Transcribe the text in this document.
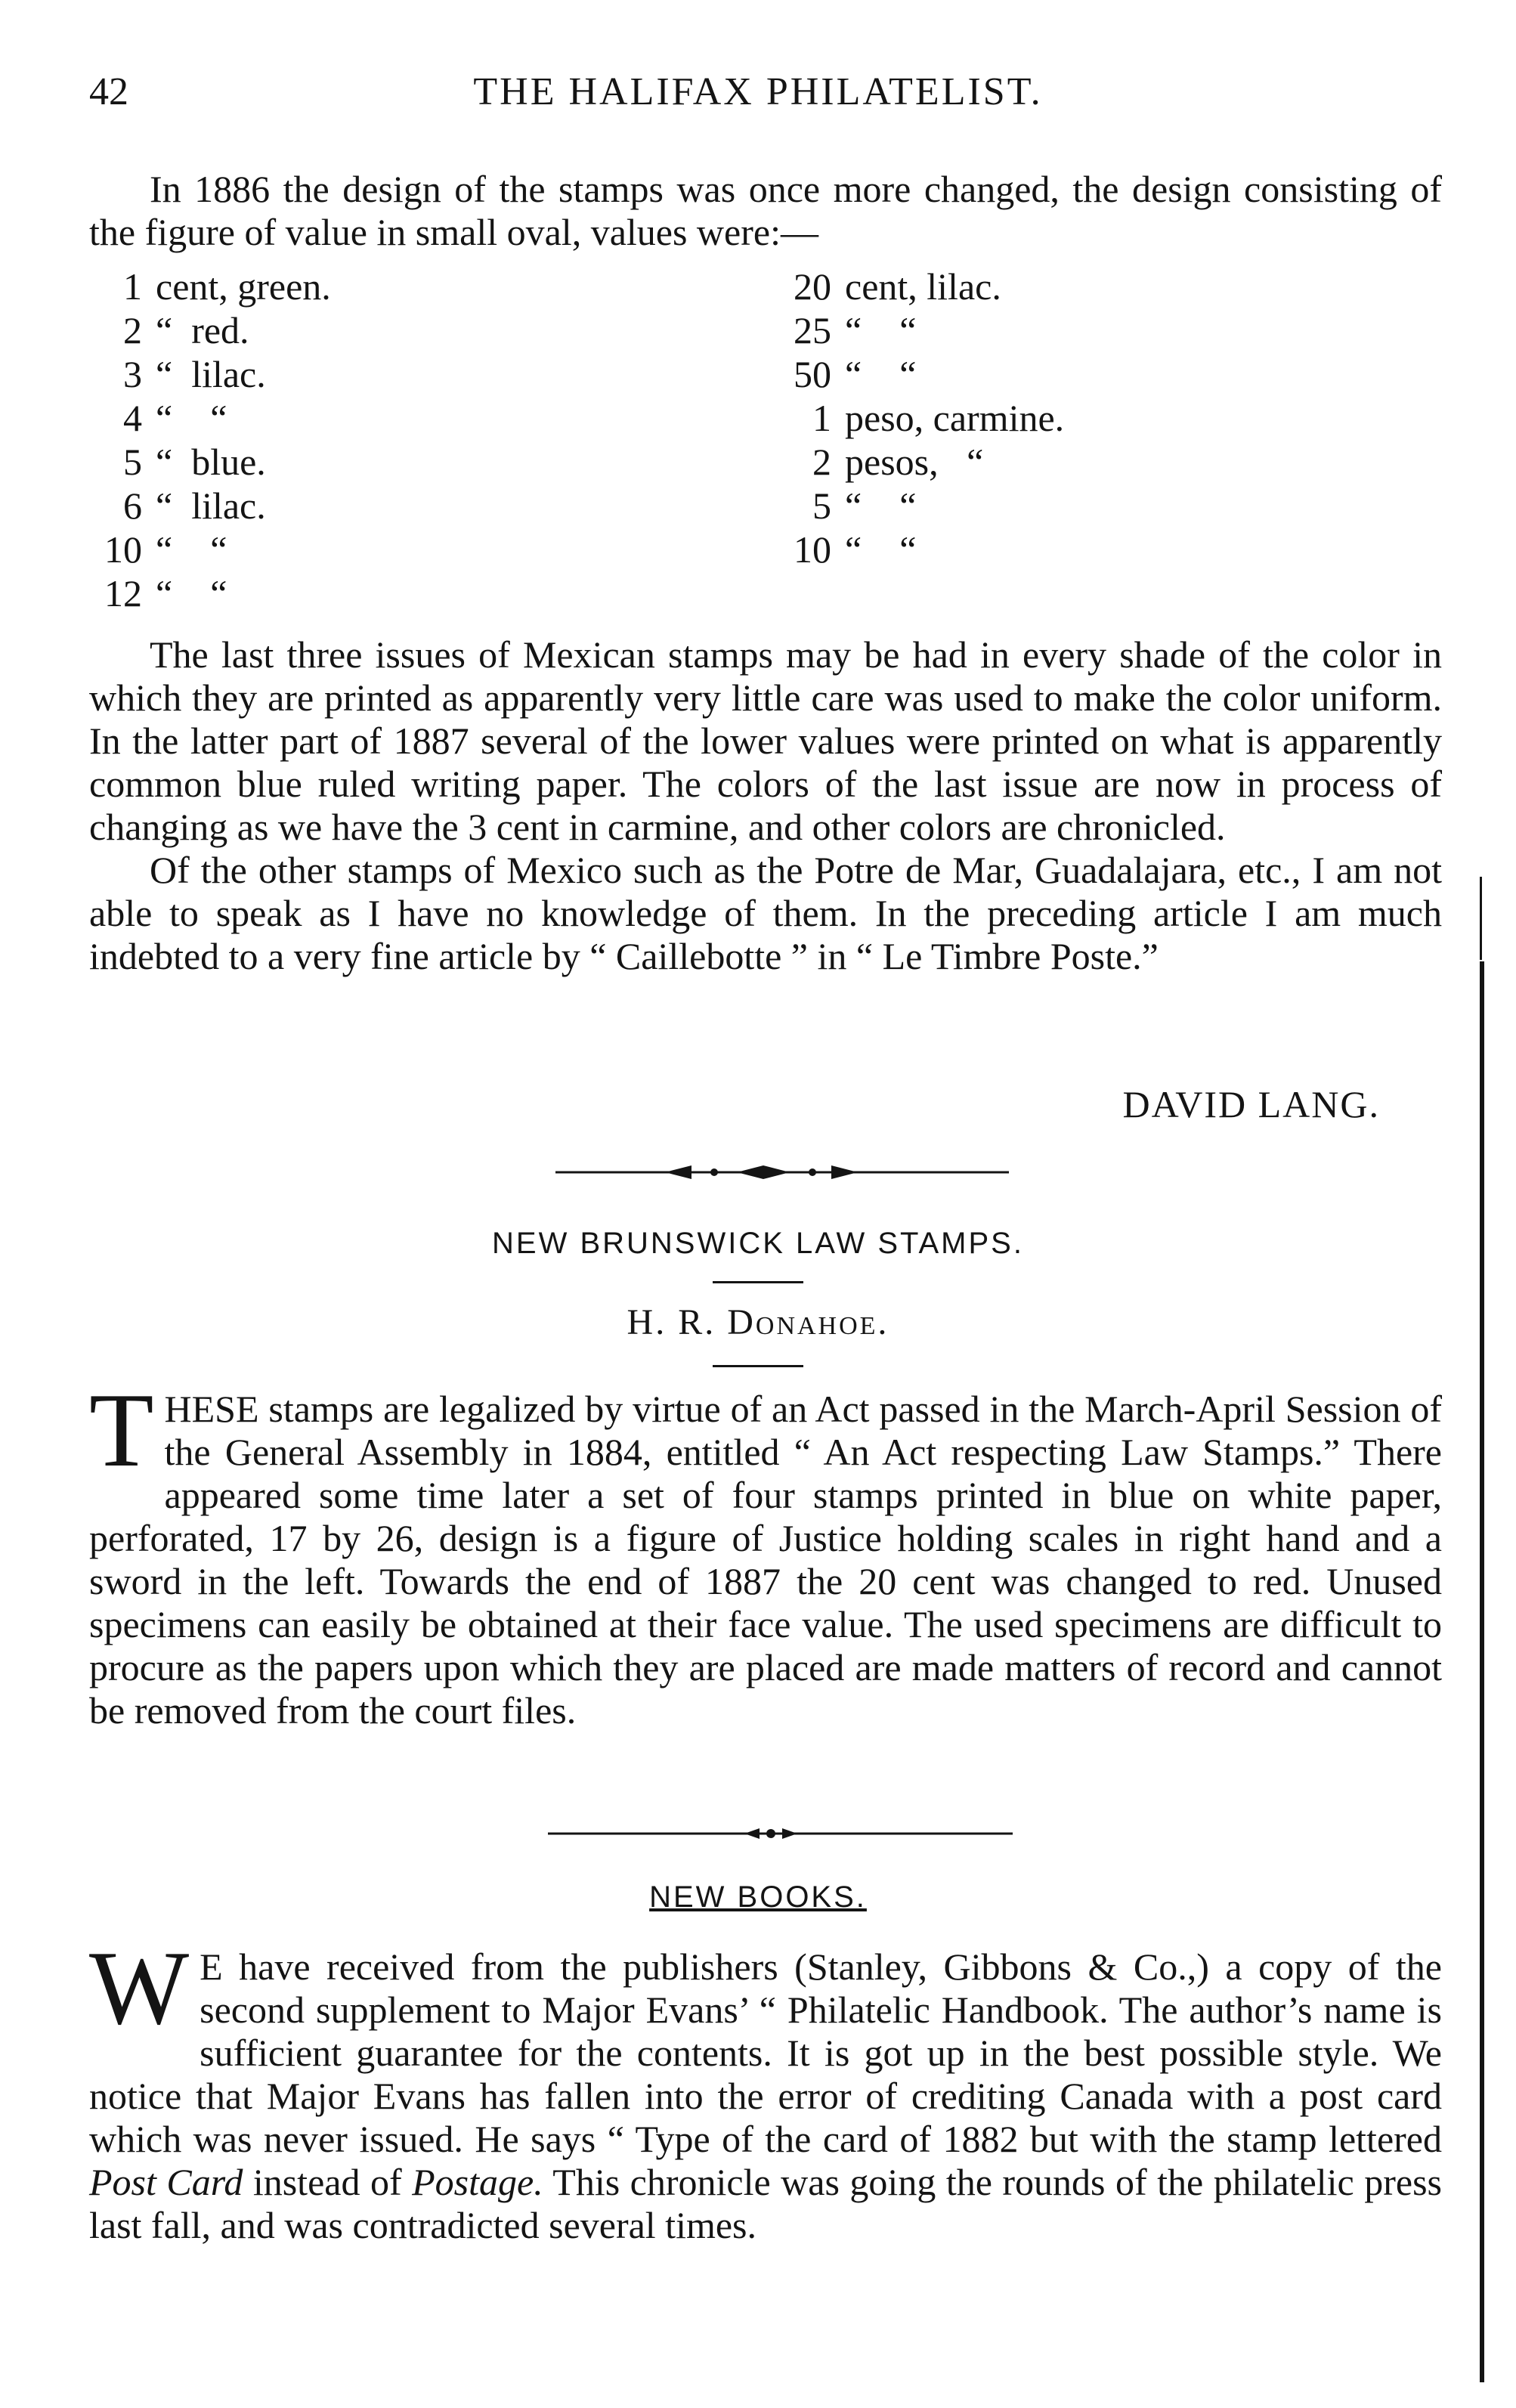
42	THE HALIFAX PHILATELIST.

In 1886 the design of the stamps was once more changed, the design consisting of the figure of value in small oval, values were:—

1 cent, green.
2 “  red.
3 “  lilac.
4 “    “
5 “  blue.
6 “  lilac.
10 “    “
12 “    “
20 cent, lilac.
25 “    “
50 “    “
1 peso, carmine.
2 pesos,   “
5 “    “
10 “    “

The last three issues of Mexican stamps may be had in every shade of the color in which they are printed as apparently very little care was used to make the color uniform. In the latter part of 1887 several of the lower values were printed on what is apparently common blue ruled writing paper. The colors of the last issue are now in process of changing as we have the 3 cent in carmine, and other colors are chronicled.

Of the other stamps of Mexico such as the Potre de Mar, Guadalajara, etc., I am not able to speak as I have no knowledge of them. In the preceding article I am much indebted to a very fine article by “ Caillebotte ” in “ Le Timbre Poste.”

DAVID LANG.
NEW BRUNSWICK LAW STAMPS.
H. R. Donahoe.
T HESE stamps are legalized by virtue of an Act passed in the March-April Session of the General Assembly in 1884, entitled “ An Act respecting Law Stamps.” There appeared some time later a set of four stamps printed in blue on white paper, perforated, 17 by 26, design is a figure of Justice holding scales in right hand and a sword in the left. Towards the end of 1887 the 20 cent was changed to red. Unused specimens can easily be obtained at their face value. The used specimens are difficult to procure as the papers upon which they are placed are made matters of record and cannot be removed from the court files.
NEW BOOKS.
W E have received from the publishers (Stanley, Gibbons & Co.,) a copy of the second supplement to Major Evans’ “ Philatelic Handbook. The author’s name is sufficient guarantee for the contents. It is got up in the best possible style. We notice that Major Evans has fallen into the error of crediting Canada with a post card which was never issued. He says “ Type of the card of 1882 but with the stamp lettered Post Card instead of Postage. This chronicle was going the rounds of the philatelic press last fall, and was contradicted several times.
